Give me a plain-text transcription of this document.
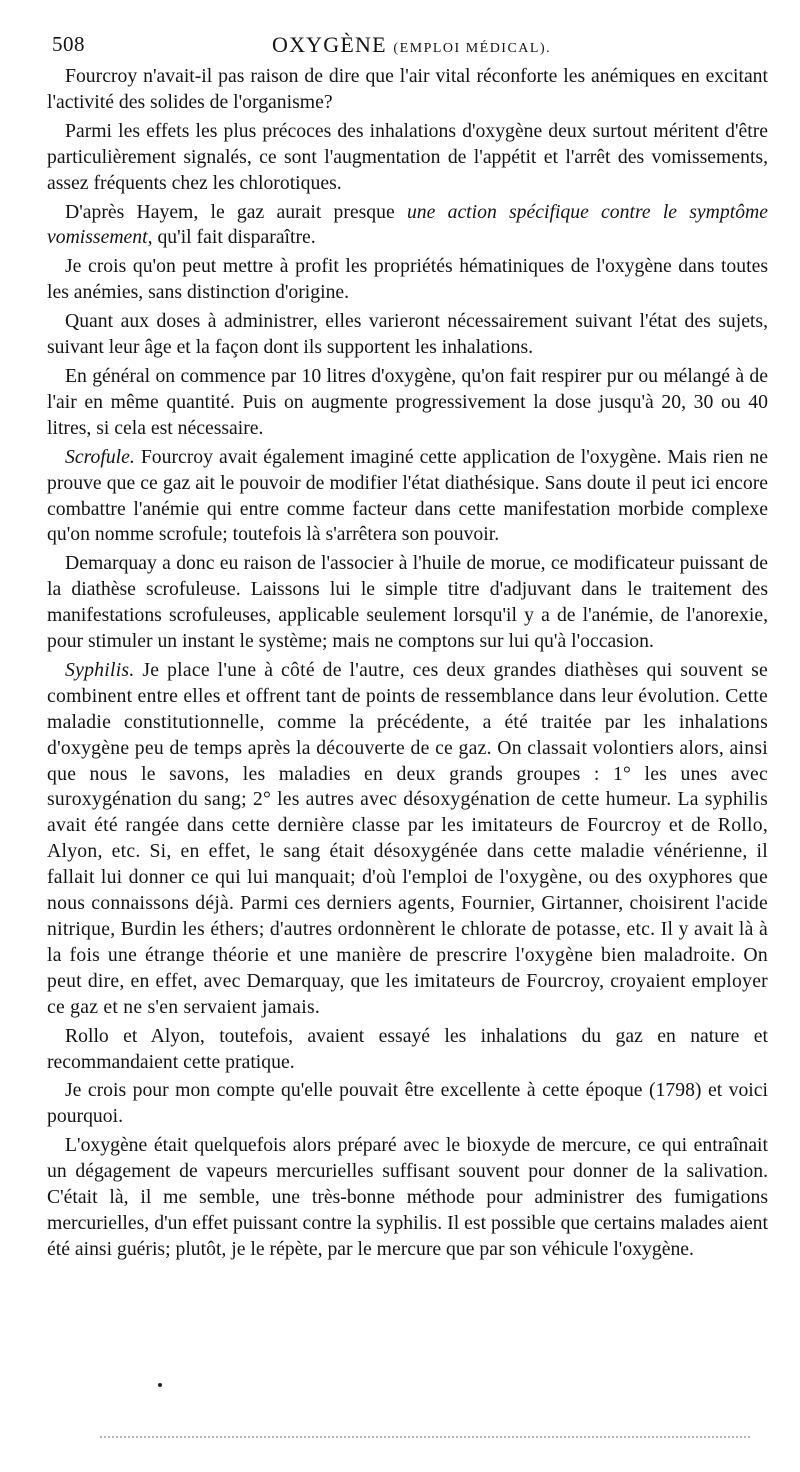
508	OXYGÈNE (EMPLOI MÉDICAL).

Fourcroy n'avait-il pas raison de dire que l'air vital réconforte les anémiques en excitant l'activité des solides de l'organisme?

Parmi les effets les plus précoces des inhalations d'oxygène deux surtout méritent d'être particulièrement signalés, ce sont l'augmentation de l'appétit et l'arrêt des vomissements, assez fréquents chez les chlorotiques.

D'après Hayem, le gaz aurait presque une action spécifique contre le symptôme vomissement, qu'il fait disparaître.

Je crois qu'on peut mettre à profit les propriétés hématiniques de l'oxygène dans toutes les anémies, sans distinction d'origine.

Quant aux doses à administrer, elles varieront nécessairement suivant l'état des sujets, suivant leur âge et la façon dont ils supportent les inhalations.

En général on commence par 10 litres d'oxygène, qu'on fait respirer pur ou mélangé à de l'air en même quantité. Puis on augmente progressivement la dose jusqu'à 20, 30 ou 40 litres, si cela est nécessaire.

Scrofule. Fourcroy avait également imaginé cette application de l'oxygène. Mais rien ne prouve que ce gaz ait le pouvoir de modifier l'état diathésique. Sans doute il peut ici encore combattre l'anémie qui entre comme facteur dans cette manifestation morbide complexe qu'on nomme scrofule; toutefois là s'arrêtera son pouvoir.

Demarquay a donc eu raison de l'associer à l'huile de morue, ce modificateur puissant de la diathèse scrofuleuse. Laissons lui le simple titre d'adjuvant dans le traitement des manifestations scrofuleuses, applicable seulement lorsqu'il y a de l'anémie, de l'anorexie, pour stimuler un instant le système; mais ne comptons sur lui qu'à l'occasion.

Syphilis. Je place l'une à côté de l'autre, ces deux grandes diathèses qui souvent se combinent entre elles et offrent tant de points de ressemblance dans leur évolution. Cette maladie constitutionnelle, comme la précédente, a été traitée par les inhalations d'oxygène peu de temps après la découverte de ce gaz. On classait volontiers alors, ainsi que nous le savons, les maladies en deux grands groupes : 1° les unes avec suroxygénation du sang; 2° les autres avec désoxygénation de cette humeur. La syphilis avait été rangée dans cette dernière classe par les imitateurs de Fourcroy et de Rollo, Alyon, etc. Si, en effet, le sang était désoxygénée dans cette maladie vénérienne, il fallait lui donner ce qui lui manquait; d'où l'emploi de l'oxygène, ou des oxyphores que nous connaissons déjà. Parmi ces derniers agents, Fournier, Girtanner, choisirent l'acide nitrique, Burdin les éthers; d'autres ordonnèrent le chlorate de potasse, etc. Il y avait là à la fois une étrange théorie et une manière de prescrire l'oxygène bien maladroite. On peut dire, en effet, avec Demarquay, que les imitateurs de Fourcroy, croyaient employer ce gaz et ne s'en servaient jamais.

Rollo et Alyon, toutefois, avaient essayé les inhalations du gaz en nature et recommandaient cette pratique.

Je crois pour mon compte qu'elle pouvait être excellente à cette époque (1798) et voici pourquoi.

L'oxygène était quelquefois alors préparé avec le bioxyde de mercure, ce qui entraînait un dégagement de vapeurs mercurielles suffisant souvent pour donner de la salivation. C'était là, il me semble, une très-bonne méthode pour administrer des fumigations mercurielles, d'un effet puissant contre la syphilis. Il est possible que certains malades aient été ainsi guéris; plutôt, je le répète, par le mercure que par son véhicule l'oxygène.
